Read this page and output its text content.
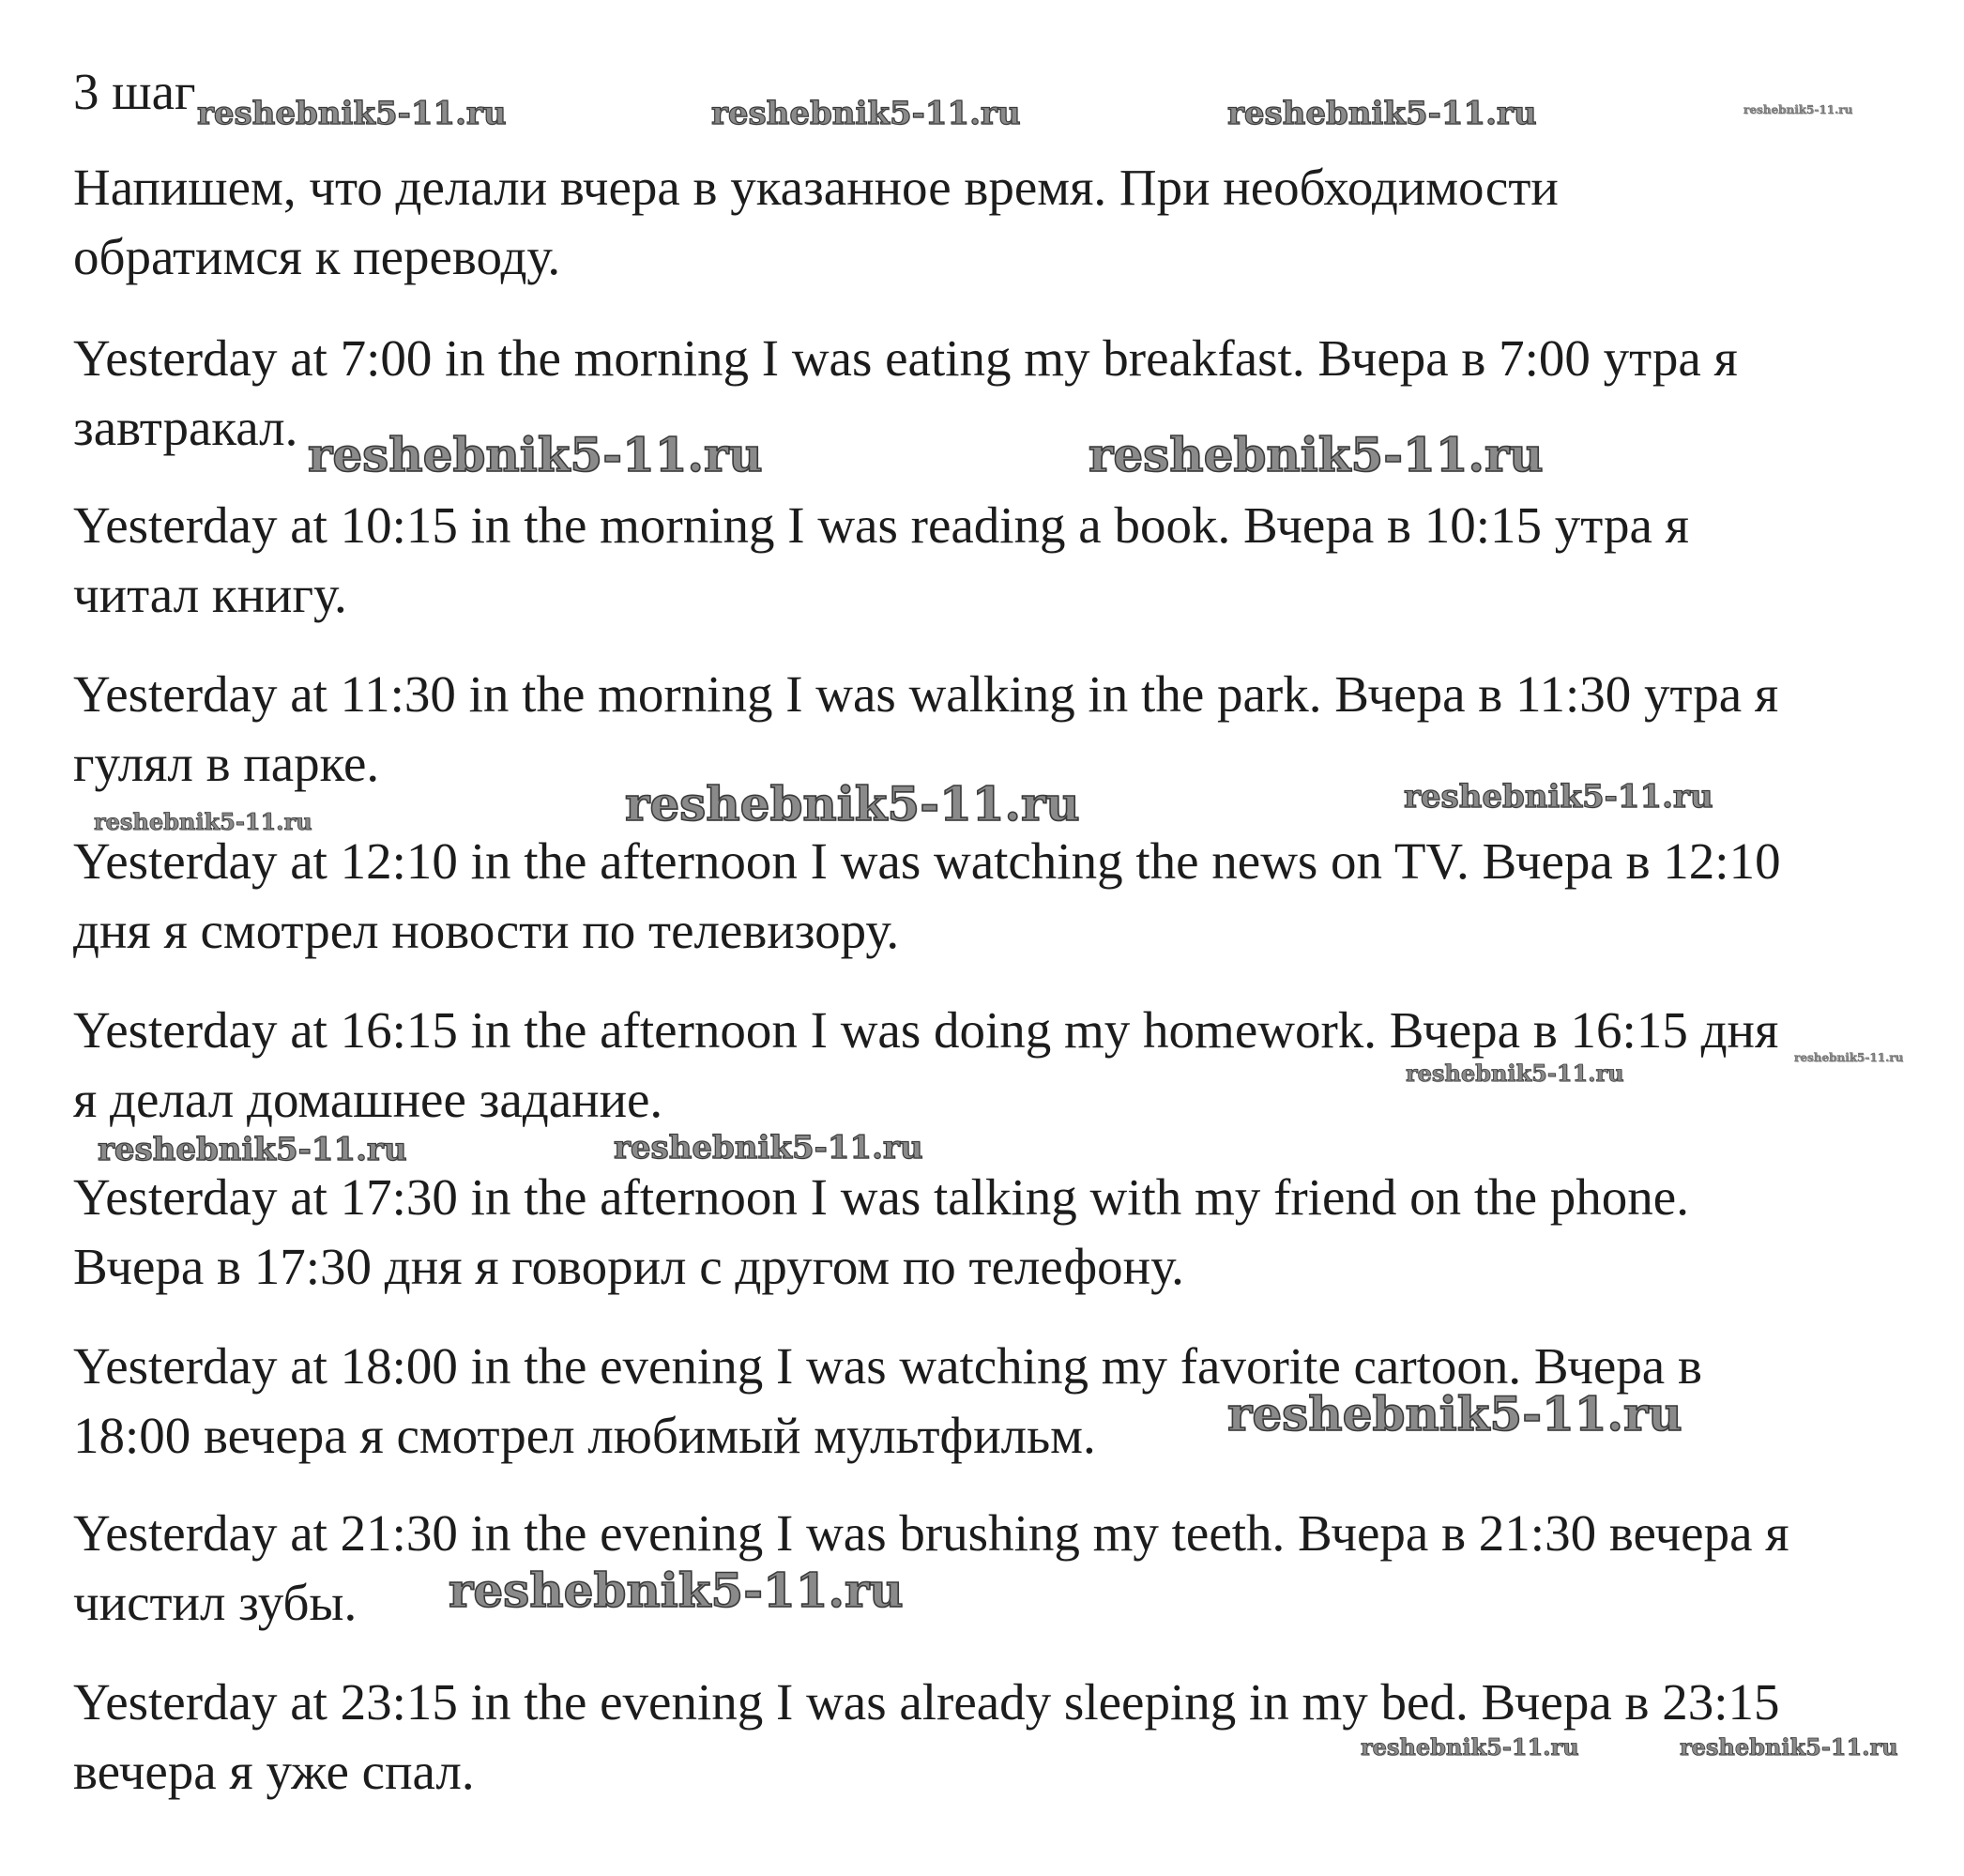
3 шаг
Напишем, что делали вчера в указанное время. При необходимости
обратимся к переводу.
Yesterday at 7:00 in the morning I was eating my breakfast. Вчера в 7:00 утра я
завтракал.
Yesterday at 10:15 in the morning I was reading a book. Вчера в 10:15 утра я
читал книгу.
Yesterday at 11:30 in the morning I was walking in the park. Вчера в 11:30 утра я
гулял в парке.
Yesterday at 12:10 in the afternoon I was watching the news on TV. Вчера в 12:10
дня я смотрел новости по телевизору.
Yesterday at 16:15 in the afternoon I was doing my homework. Вчера в 16:15 дня
я делал домашнее задание.
Yesterday at 17:30 in the afternoon I was talking with my friend on the phone.
Вчера в 17:30 дня я говорил с другом по телефону.
Yesterday at 18:00 in the evening I was watching my favorite cartoon. Вчера в
18:00 вечера я смотрел любимый мультфильм.
Yesterday at 21:30 in the evening I was brushing my teeth. Вчера в 21:30 вечера я
чистил зубы.
Yesterday at 23:15 in the evening I was already sleeping in my bed. Вчера в 23:15
вечера я уже спал.
reshebnik5-11.ru	reshebnik5-11.ru	reshebnik5-11.ru	reshebnik5-11.ru
reshebnik5-11.ru	reshebnik5-11.ru
reshebnik5-11.ru	reshebnik5-11.ru	reshebnik5-11.ru
reshebnik5-11.ru
reshebnik5-11.ru
reshebnik5-11.ru	reshebnik5-11.ru
reshebnik5-11.ru
reshebnik5-11.ru
reshebnik5-11.ru	reshebnik5-11.ru
